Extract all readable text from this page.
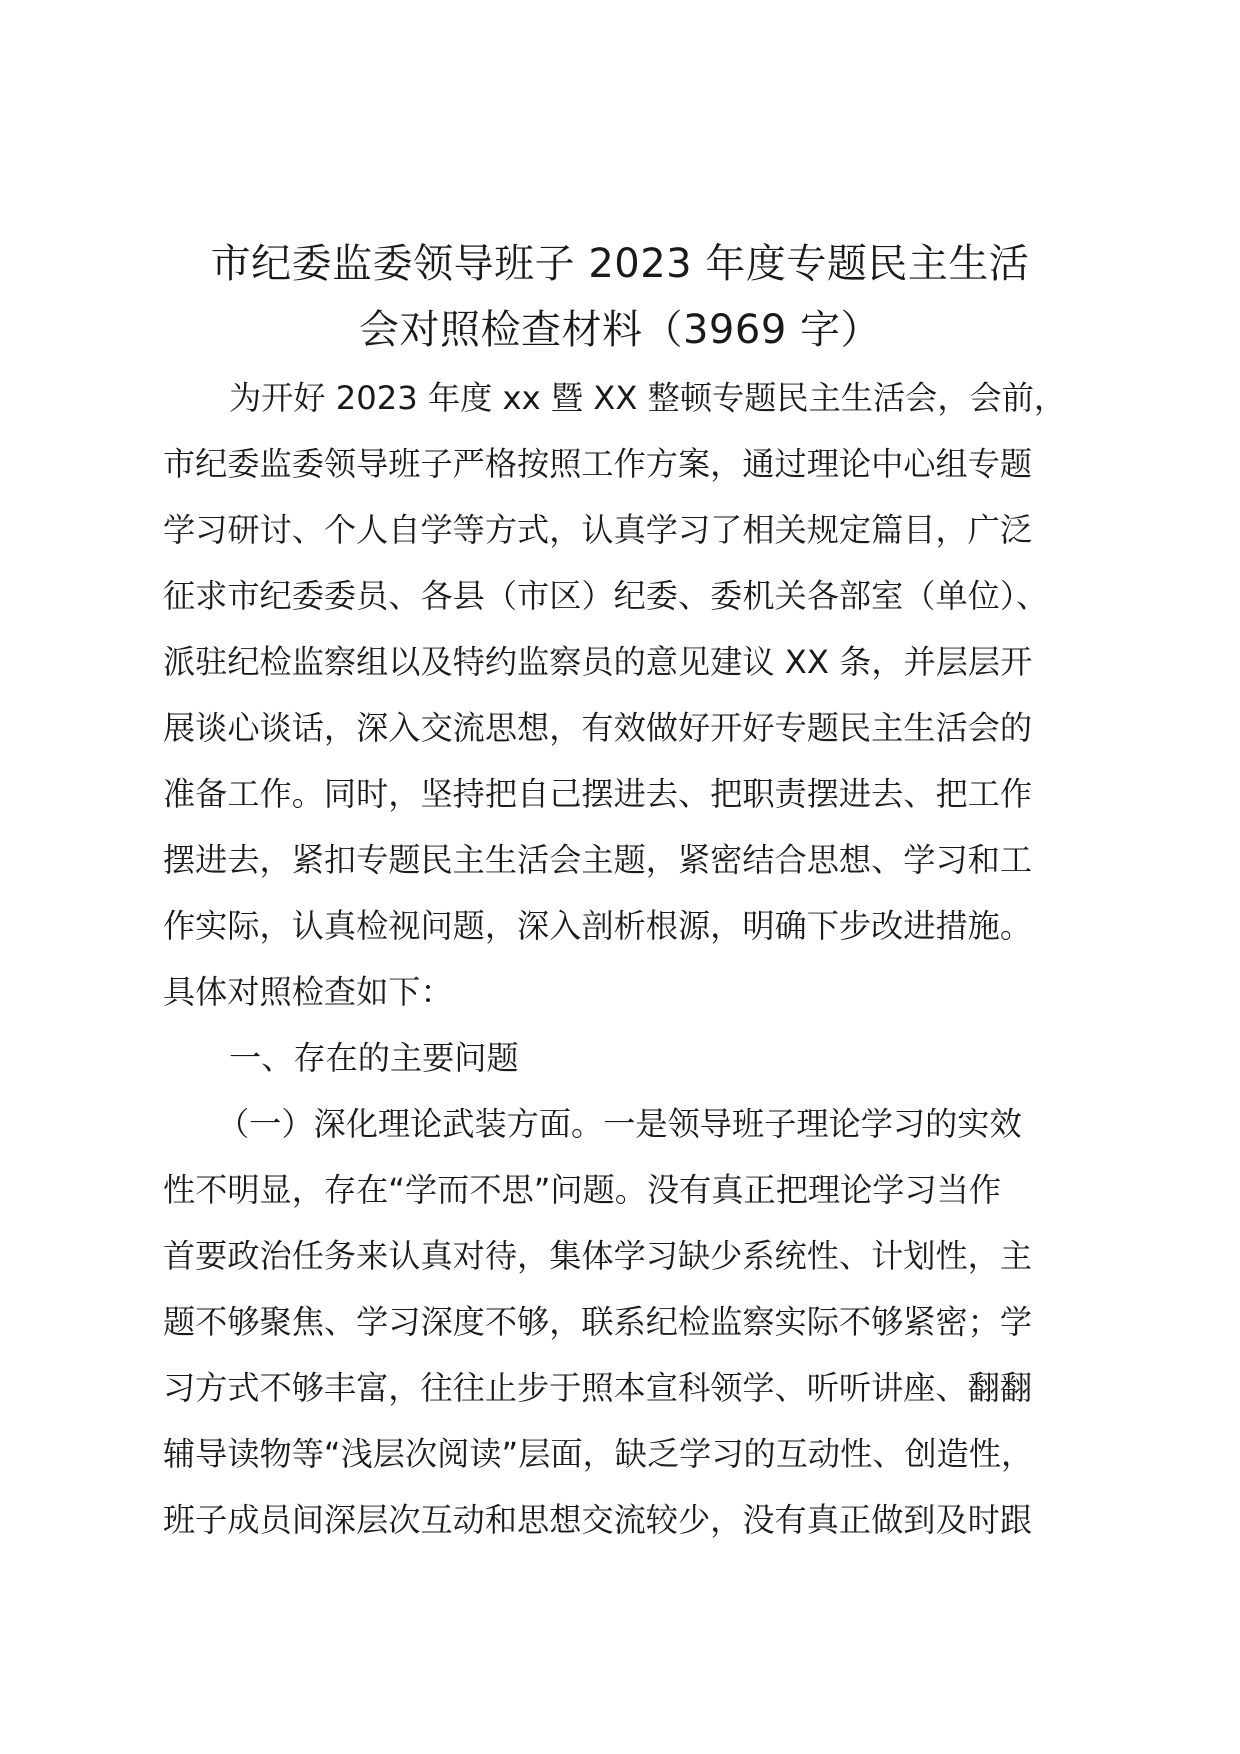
市纪委监委领导班子 2023 年度专题民主生活
会对照检查材料（3969 字）
为开好 2023 年度 xx 暨 XX 整顿专题民主生活会，会前，
市纪委监委领导班子严格按照工作方案，通过理论中心组专题
学习研讨、个人自学等方式，认真学习了相关规定篇目，广泛
征求市纪委委员、各县（市区）纪委、委机关各部室（单位）、
派驻纪检监察组以及特约监察员的意见建议 XX 条，并层层开
展谈心谈话，深入交流思想，有效做好开好专题民主生活会的
准备工作。同时，坚持把自己摆进去、把职责摆进去、把工作
摆进去，紧扣专题民主生活会主题，紧密结合思想、学习和工
作实际，认真检视问题，深入剖析根源，明确下步改进措施。
具体对照检查如下：
一、存在的主要问题
（一）深化理论武装方面。一是领导班子理论学习的实效
性不明显，存在“学而不思”问题。没有真正把理论学习当作
首要政治任务来认真对待，集体学习缺少系统性、计划性，主
题不够聚焦、学习深度不够，联系纪检监察实际不够紧密；学
习方式不够丰富，往往止步于照本宣科领学、听听讲座、翻翻
辅导读物等“浅层次阅读”层面，缺乏学习的互动性、创造性，
班子成员间深层次互动和思想交流较少，没有真正做到及时跟
